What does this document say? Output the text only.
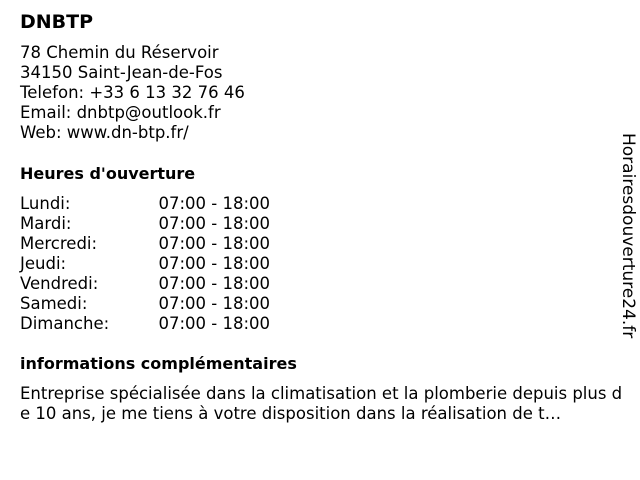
DNBTP
78 Chemin du Réservoir
34150 Saint-Jean-de-Fos
Telefon: +33 6 13 32 76 46
Email: dnbtp@outlook.fr
Web: www.dn-btp.fr/
Heures d'ouverture
Lundi:	07:00 - 18:00
Mardi:	07:00 - 18:00
Mercredi:	07:00 - 18:00
Jeudi:	07:00 - 18:00
Vendredi:	07:00 - 18:00
Samedi:	07:00 - 18:00
Dimanche:	07:00 - 18:00
informations complémentaires
Entreprise spécialisée dans la climatisation et la plomberie depuis plus de 10 ans, je me tiens à votre disposition dans la réalisation de t…
Horairesdouverture24.fr
